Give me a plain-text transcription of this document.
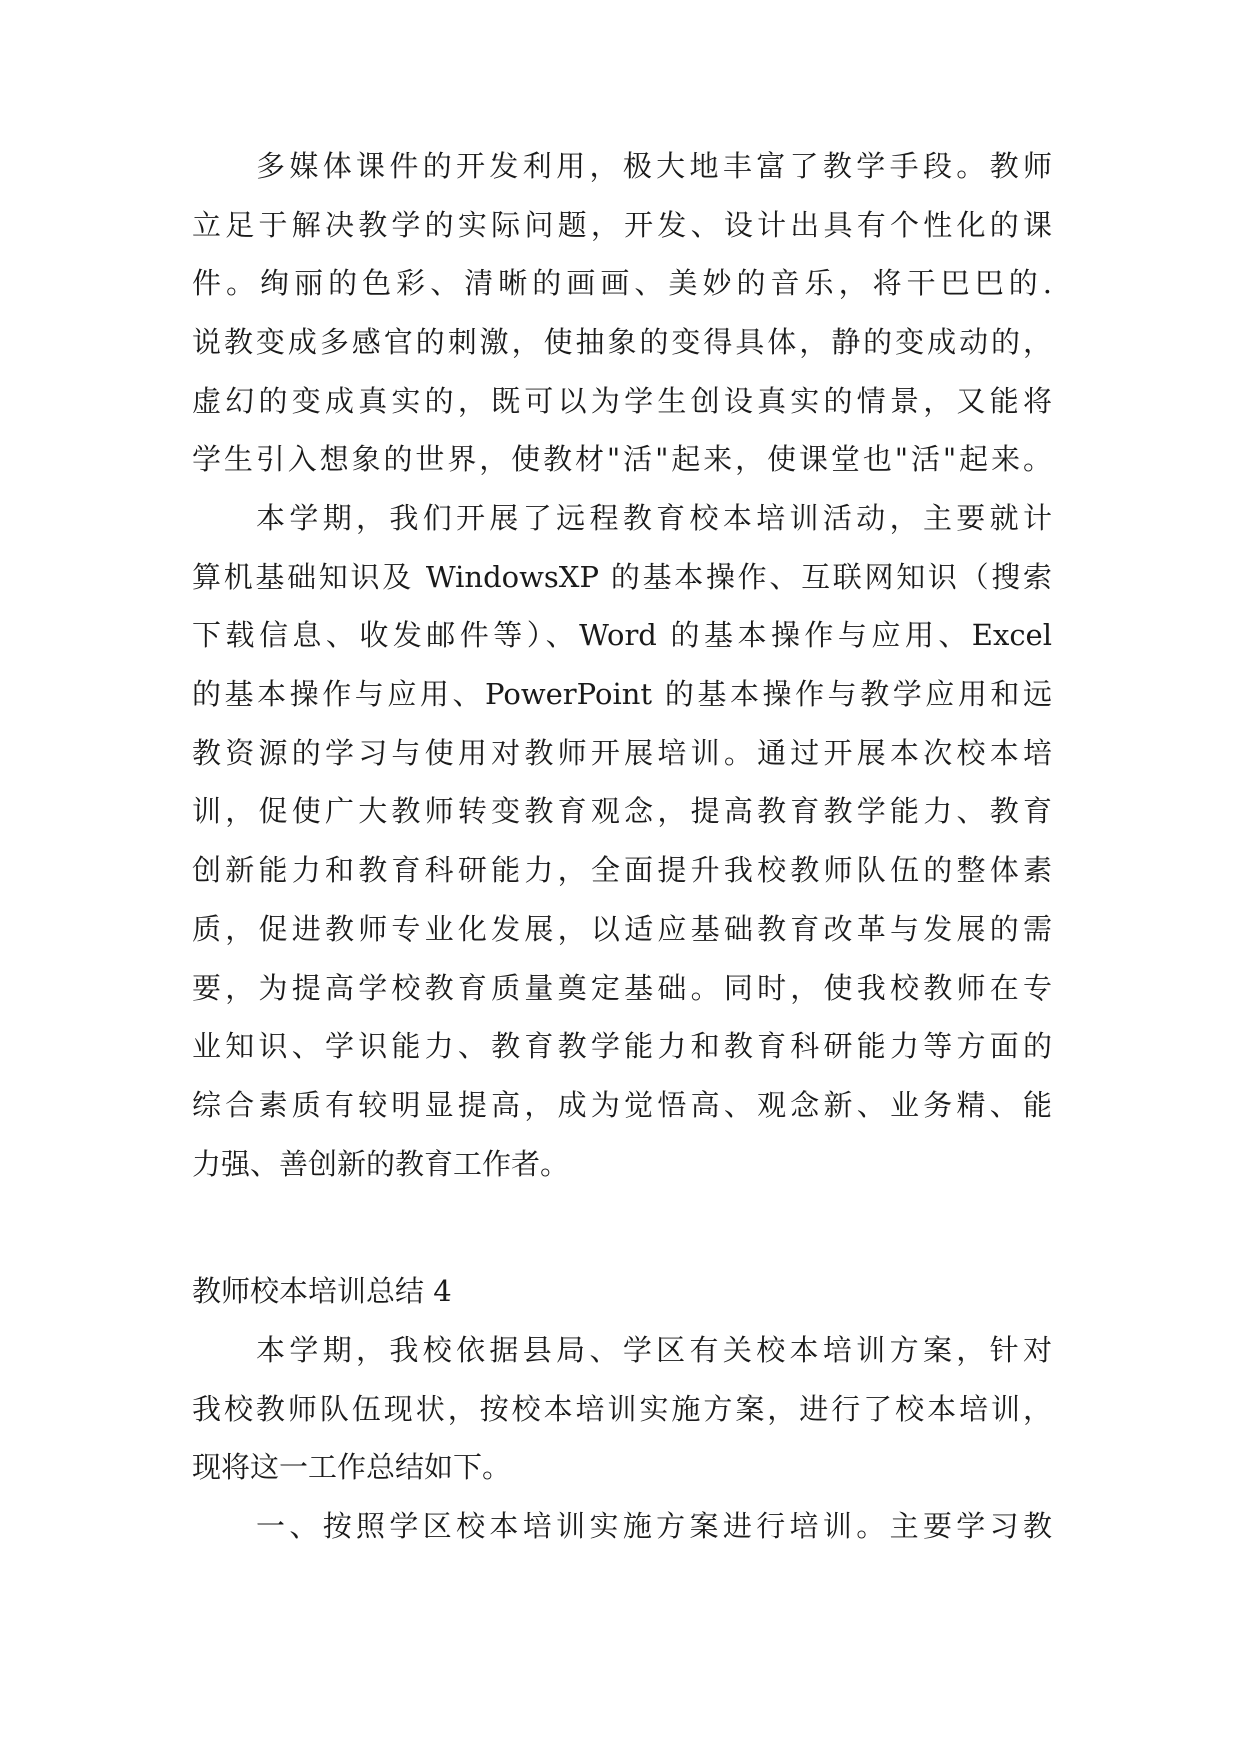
多媒体课件的开发利用，极大地丰富了教学手段。教师
立足于解决教学的实际问题，开发、设计出具有个性化的课
件。绚丽的色彩、清晰的画画、美妙的音乐，将干巴巴的.
说教变成多感官的刺激，使抽象的变得具体，静的变成动的，
虚幻的变成真实的，既可以为学生创设真实的情景，又能将
学生引入想象的世界，使教材"活"起来，使课堂也"活"起来。
本学期，我们开展了远程教育校本培训活动，主要就计
算机基础知识及 WindowsXP 的基本操作、互联网知识（搜索
下载信息、收发邮件等）、Word 的基本操作与应用、Excel
的基本操作与应用、PowerPoint 的基本操作与教学应用和远
教资源的学习与使用对教师开展培训。通过开展本次校本培
训，促使广大教师转变教育观念，提高教育教学能力、教育
创新能力和教育科研能力，全面提升我校教师队伍的整体素
质，促进教师专业化发展，以适应基础教育改革与发展的需
要，为提高学校教育质量奠定基础。同时，使我校教师在专
业知识、学识能力、教育教学能力和教育科研能力等方面的
综合素质有较明显提高，成为觉悟高、观念新、业务精、能
力强、善创新的教育工作者。
教师校本培训总结 4
本学期，我校依据县局、学区有关校本培训方案，针对
我校教师队伍现状，按校本培训实施方案，进行了校本培训，
现将这一工作总结如下。
一、按照学区校本培训实施方案进行培训。主要学习教
